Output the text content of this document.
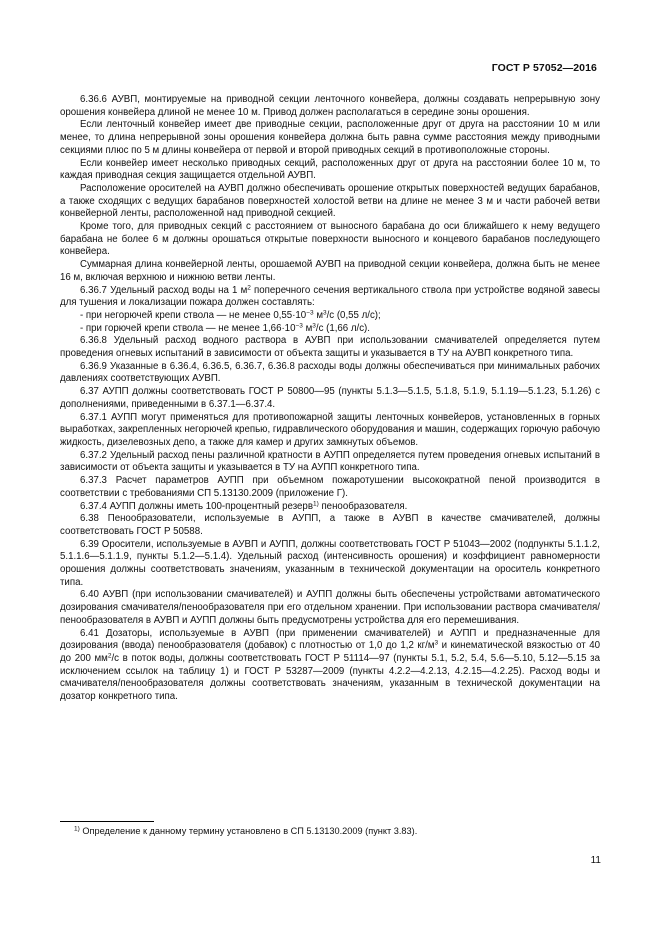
ГОСТ Р 57052—2016

6.36.6 АУВП, монтируемые на приводной секции ленточного конвейера, должны создавать непрерывную зону орошения конвейера длиной не менее 10 м. Привод должен располагаться в середине зоны орошения.

Если ленточный конвейер имеет две приводные секции, расположенные друг от друга на расстоянии 10 м или менее, то длина непрерывной зоны орошения конвейера должна быть равна сумме расстояния между приводными секциями плюс по 5 м длины конвейера от первой и второй приводных секций в противоположные стороны.

Если конвейер имеет несколько приводных секций, расположенных друг от друга на расстоянии более 10 м, то каждая приводная секция защищается отдельной АУВП.

Расположение оросителей на АУВП должно обеспечивать орошение открытых поверхностей ведущих барабанов, а также сходящих с ведущих барабанов поверхностей холостой ветви на длине не менее 3 м и части рабочей ветви конвейерной ленты, расположенной над приводной секцией.

Кроме того, для приводных секций с расстоянием от выносного барабана до оси ближайшего к нему ведущего барабана не более 6 м должны орошаться открытые поверхности выносного и концевого барабанов последующего конвейера.

Суммарная длина конвейерной ленты, орошаемой АУВП на приводной секции конвейера, должна быть не менее 16 м, включая верхнюю и нижнюю ветви ленты.

6.36.7 Удельный расход воды на 1 $м^2$ поперечного сечения вертикального ствола при устройстве водяной завесы для тушения и локализации пожара должен составлять:

- при негорючей крепи ствола — не менее $0,55\cdot 10^{-3}$ $м^3/с$ (0,55 л/с);

- при горючей крепи ствола — не менее $1,66\cdot 10^{-3}$ $м^3/с$ (1,66 л/с).

6.36.8 Удельный расход водного раствора в АУВП при использовании смачивателей определяется путем проведения огневых испытаний в зависимости от объекта защиты и указывается в ТУ на АУВП конкретного типа.

6.36.9 Указанные в 6.36.4, 6.36.5, 6.36.7, 6.36.8 расходы воды должны обеспечиваться при минимальных рабочих давлениях соответствующих АУВП.

6.37 АУПП должны соответствовать ГОСТ Р 50800—95 (пункты 5.1.3—5.1.5, 5.1.8, 5.1.9, 5.1.19—5.1.23, 5.1.26) с дополнениями, приведенными в 6.37.1—6.37.4.

6.37.1 АУПП могут применяться для противопожарной защиты ленточных конвейеров, установленных в горных выработках, закрепленных негорючей крепью, гидравлического оборудования и машин, содержащих горючую рабочую жидкость, дизелевозных депо, а также для камер и других замкнутых объемов.

6.37.2 Удельный расход пены различной кратности в АУПП определяется путем проведения огневых испытаний в зависимости от объекта защиты и указывается в ТУ на АУПП конкретного типа.

6.37.3 Расчет параметров АУПП при объемном пожаротушении высокократной пеной производится в соответствии с требованиями СП 5.13130.2009 (приложение Г).

6.37.4 АУПП должны иметь 100-процентный резерв$^{1)}$ пенообразователя.

6.38 Пенообразователи, используемые в АУПП, а также в АУВП в качестве смачивателей, должны соответствовать ГОСТ Р 50588.

6.39 Оросители, используемые в АУВП и АУПП, должны соответствовать ГОСТ Р 51043—2002 (подпункты 5.1.1.2, 5.1.1.6—5.1.1.9, пункты 5.1.2—5.1.4). Удельный расход (интенсивность орошения) и коэффициент равномерности орошения должны соответствовать значениям, указанным в технической документации на ороситель конкретного типа.

6.40 АУВП (при использовании смачивателей) и АУПП должны быть обеспечены устройствами автоматического дозирования смачивателя/пенообразователя при его отдельном хранении. При использовании раствора смачивателя/пенообразователя в АУВП и АУПП должны быть предусмотрены устройства для его перемешивания.

6.41 Дозаторы, используемые в АУВП (при применении смачивателей) и АУПП и предназначенные для дозирования (ввода) пенообразователя (добавок) с плотностью от 1,0 до 1,2 $кг/м^3$ и кинематической вязкостью от 40 до 200 $мм^2/с$ в поток воды, должны соответствовать ГОСТ Р 51114—97 (пункты 5.1, 5.2, 5.4, 5.6—5.10, 5.12—5.15 за исключением ссылок на таблицу 1) и ГОСТ Р 53287—2009 (пункты 4.2.2—4.2.13, 4.2.15—4.2.25). Расход воды и смачивателя/пенообразователя должны соответствовать значениям, указанным в технической документации на дозатор конкретного типа.

$^{1)}$ Определение к данному термину установлено в СП 5.13130.2009 (пункт 3.83).
11
